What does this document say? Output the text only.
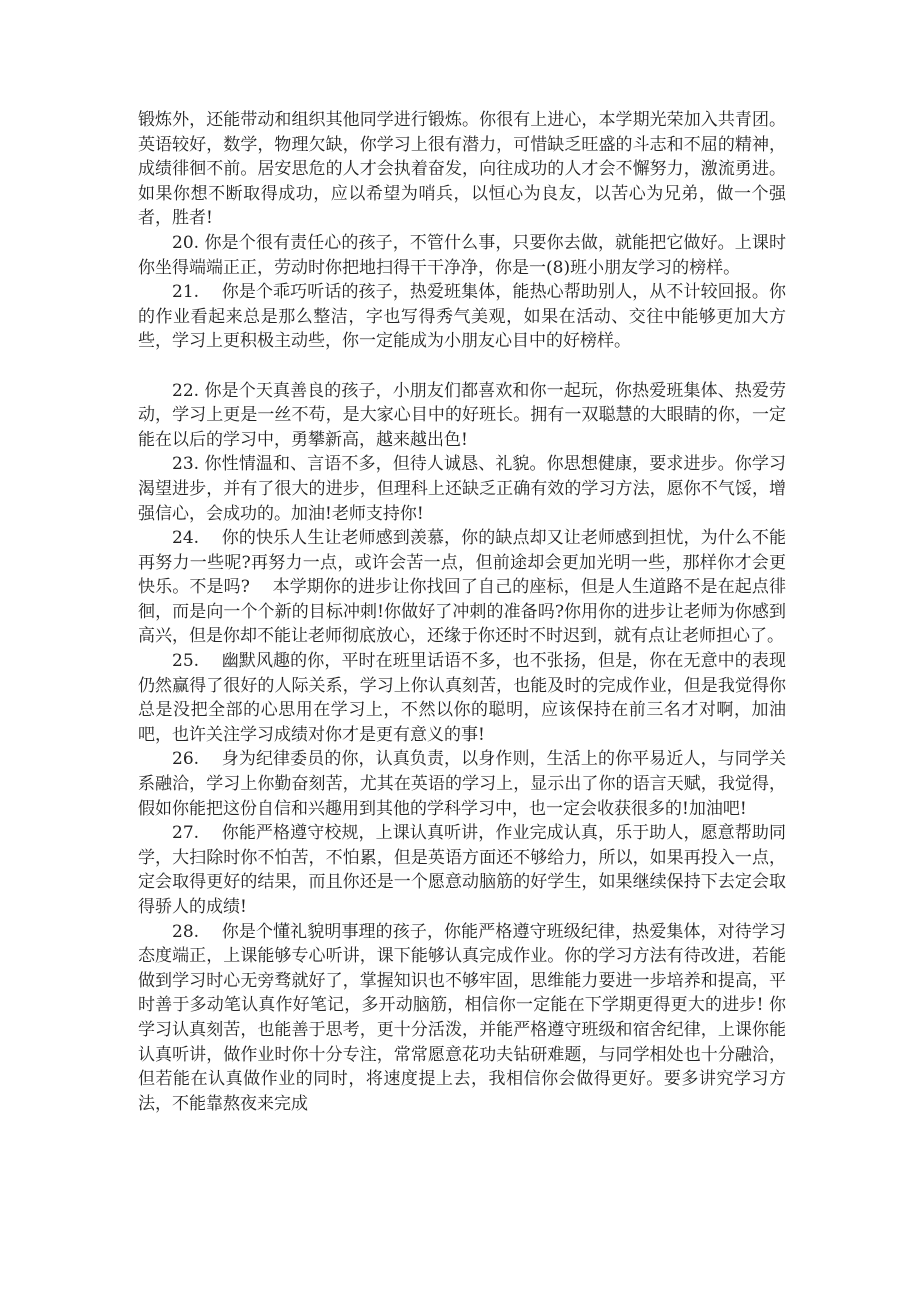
锻炼外，还能带动和组织其他同学进行锻炼。你很有上进心，本学期光荣加入共青团。英语较好，数学，物理欠缺，你学习上很有潜力，可惜缺乏旺盛的斗志和不屈的精神，成绩徘徊不前。居安思危的人才会执着奋发，向往成功的人才会不懈努力，激流勇进。如果你想不断取得成功，应以希望为哨兵，以恒心为良友，以苦心为兄弟，做一个强者，胜者!

20. 你是个很有责任心的孩子，不管什么事，只要你去做，就能把它做好。上课时你坐得端端正正，劳动时你把地扫得干干净净，你是一(8)班小朋友学习的榜样。

21.　 你是个乖巧听话的孩子，热爱班集体，能热心帮助别人，从不计较回报。你的作业看起来总是那么整洁，字也写得秀气美观，如果在活动、交往中能够更加大方些，学习上更积极主动些，你一定能成为小朋友心目中的好榜样。

22. 你是个天真善良的孩子，小朋友们都喜欢和你一起玩，你热爱班集体、热爱劳动，学习上更是一丝不苟，是大家心目中的好班长。拥有一双聪慧的大眼睛的你，一定能在以后的学习中，勇攀新高，越来越出色!

23. 你性情温和、言语不多，但待人诚恳、礼貌。你思想健康，要求进步。你学习渴望进步，并有了很大的进步，但理科上还缺乏正确有效的学习方法，愿你不气馁，增强信心，会成功的。加油!老师支持你!

24.　 你的快乐人生让老师感到羡慕，你的缺点却又让老师感到担忧，为什么不能再努力一些呢?再努力一点，或许会苦一点，但前途却会更加光明一些，那样你才会更快乐。不是吗?　 本学期你的进步让你找回了自己的座标，但是人生道路不是在起点徘徊，而是向一个个新的目标冲刺!你做好了冲刺的准备吗?你用你的进步让老师为你感到高兴，但是你却不能让老师彻底放心，还缘于你还时不时迟到，就有点让老师担心了。

25.　 幽默风趣的你，平时在班里话语不多，也不张扬，但是，你在无意中的表现仍然赢得了很好的人际关系，学习上你认真刻苦，也能及时的完成作业，但是我觉得你总是没把全部的心思用在学习上，不然以你的聪明，应该保持在前三名才对啊，加油吧，也许关注学习成绩对你才是更有意义的事!

26.　 身为纪律委员的你，认真负责，以身作则，生活上的你平易近人，与同学关系融洽，学习上你勤奋刻苦，尤其在英语的学习上，显示出了你的语言天赋，我觉得，假如你能把这份自信和兴趣用到其他的学科学习中，也一定会收获很多的!加油吧!

27.　 你能严格遵守校规，上课认真听讲，作业完成认真，乐于助人，愿意帮助同学，大扫除时你不怕苦，不怕累，但是英语方面还不够给力，所以，如果再投入一点，定会取得更好的结果，而且你还是一个愿意动脑筋的好学生，如果继续保持下去定会取得骄人的成绩!

28.　 你是个懂礼貌明事理的孩子，你能严格遵守班级纪律，热爱集体，对待学习态度端正，上课能够专心听讲，课下能够认真完成作业。你的学习方法有待改进，若能做到学习时心无旁骛就好了，掌握知识也不够牢固，思维能力要进一步培养和提高，平时善于多动笔认真作好笔记，多开动脑筋，相信你一定能在下学期更得更大的进步! 你学习认真刻苦，也能善于思考，更十分活泼，并能严格遵守班级和宿舍纪律，上课你能认真听讲，做作业时你十分专注，常常愿意花功夫钻研难题，与同学相处也十分融洽，但若能在认真做作业的同时，将速度提上去，我相信你会做得更好。要多讲究学习方法，不能靠熬夜来完成
